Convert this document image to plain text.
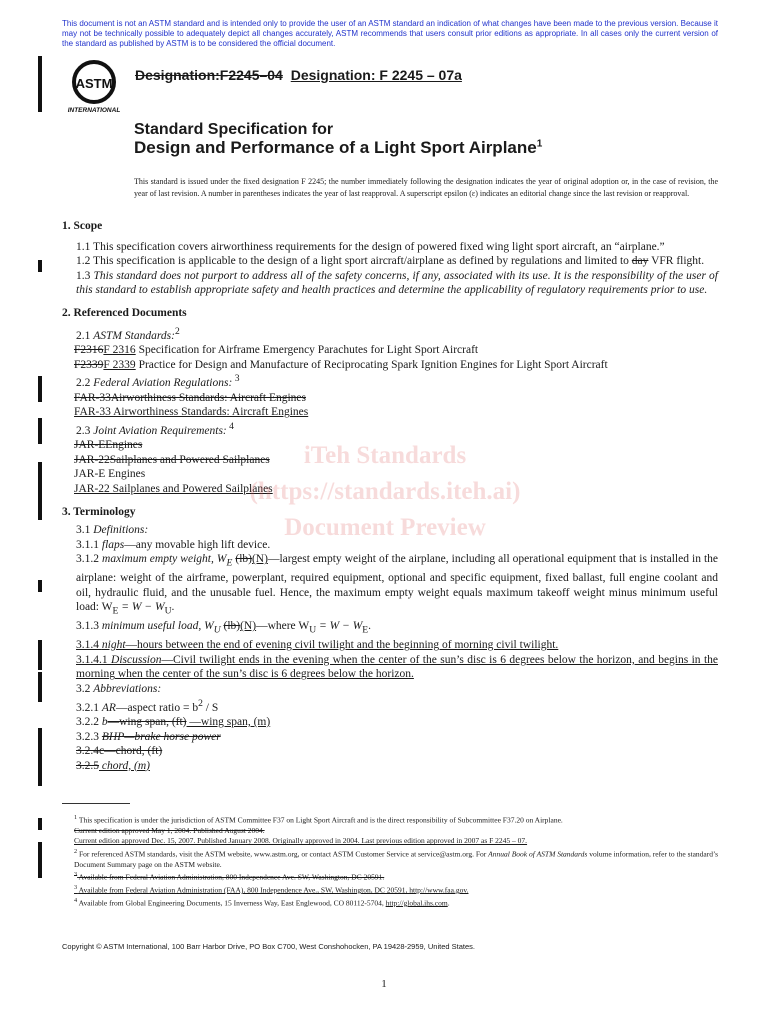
This document is not an ASTM standard and is intended only to provide the user of an ASTM standard an indication of what changes have been made to the previous version. Because it may not be technically possible to adequately depict all changes accurately, ASTM recommends that users consult prior editions as appropriate. In all cases only the current version of the standard as published by ASTM is to be considered the official document.
ASTM
INTERNATIONAL
Designation:F2245–04 Designation: F 2245 – 07a
Standard Specification for
Design and Performance of a Light Sport Airplane$^1$
This standard is issued under the fixed designation F 2245; the number immediately following the designation indicates the year of original adoption or, in the case of revision, the year of last revision. A number in parentheses indicates the year of last reapproval. A superscript epsilon (ε) indicates an editorial change since the last revision or reapproval.

1. Scope

1.1 This specification covers airworthiness requirements for the design of powered fixed wing light sport aircraft, an “airplane.”

1.2 This specification is applicable to the design of a light sport aircraft/airplane as defined by regulations and limited to day VFR flight.

1.3 This standard does not purport to address all of the safety concerns, if any, associated with its use. It is the responsibility of the user of this standard to establish appropriate safety and health practices and determine the applicability of regulatory requirements prior to use.

2. Referenced Documents

2.1 ASTM Standards:$^2$

F2316F 2316 Specification for Airframe Emergency Parachutes for Light Sport Aircraft

F2339F 2339 Practice for Design and Manufacture of Reciprocating Spark Ignition Engines for Light Sport Aircraft

2.2 Federal Aviation Regulations: $^3$

FAR-33Airworthiness Standards: Aircraft Engines

FAR-33 Airworthiness Standards: Aircraft Engines

2.3 Joint Aviation Requirements: $^4$

JAR-EEngines

JAR-22Sailplanes and Powered Sailplanes

JAR-E Engines

JAR-22 Sailplanes and Powered Sailplanes

3. Terminology

3.1 Definitions:

3.1.1 flaps—any movable high lift device.

3.1.2 maximum empty weight, $W_E$ (lb)(N)—largest empty weight of the airplane, including all operational equipment that is installed in the airplane: weight of the airframe, powerplant, required equipment, optional and specific equipment, fixed ballast, full engine coolant and oil, hydraulic fluid, and the unusable fuel. Hence, the maximum empty weight equals maximum takeoff weight minus minimum useful load: $W_E = W - W_U$.

3.1.3 minimum useful load, $W_U$ (lb)(N)—where $W_U = W - W_E$.

3.1.4 night—hours between the end of evening civil twilight and the beginning of morning civil twilight.

3.1.4.1 Discussion—Civil twilight ends in the evening when the center of the sun’s disc is 6 degrees below the horizon, and begins in the morning when the center of the sun’s disc is 6 degrees below the horizon.

3.2 Abbreviations:

3.2.1 AR—aspect ratio = $b^2$ / S

3.2.2 b—wing span, (ft) —wing span, (m)

3.2.3 BHP—brake horse power

3.2.4c—chord, (ft)

3.2.5 chord, (m)

iTeh Standards
(https://standards.iteh.ai)
Document Preview

$^1$ This specification is under the jurisdiction of ASTM Committee F37 on Light Sport Aircraft and is the direct responsibility of Subcommittee F37.20 on Airplane.

Current edition approved May 1, 2004. Published August 2004.

Current edition approved Dec. 15, 2007. Published January 2008. Originally approved in 2004. Last previous edition approved in 2007 as F 2245 – 07.

$^2$ For referenced ASTM standards, visit the ASTM website, www.astm.org, or contact ASTM Customer Service at service@astm.org. For Annual Book of ASTM Standards volume information, refer to the standard’s Document Summary page on the ASTM website.

$^3$ Available from Federal Aviation Administration, 800 Independence Ave. SW, Washington, DC 20591.

$^3$ Available from Federal Aviation Administration (FAA), 800 Independence Ave., SW, Washington, DC 20591, http://www.faa.gov.

$^4$ Available from Global Engineering Documents, 15 Inverness Way, East Englewood, CO 80112-5704, http://global.ihs.com.

Copyright © ASTM International, 100 Barr Harbor Drive, PO Box C700, West Conshohocken, PA 19428-2959, United States.
1
